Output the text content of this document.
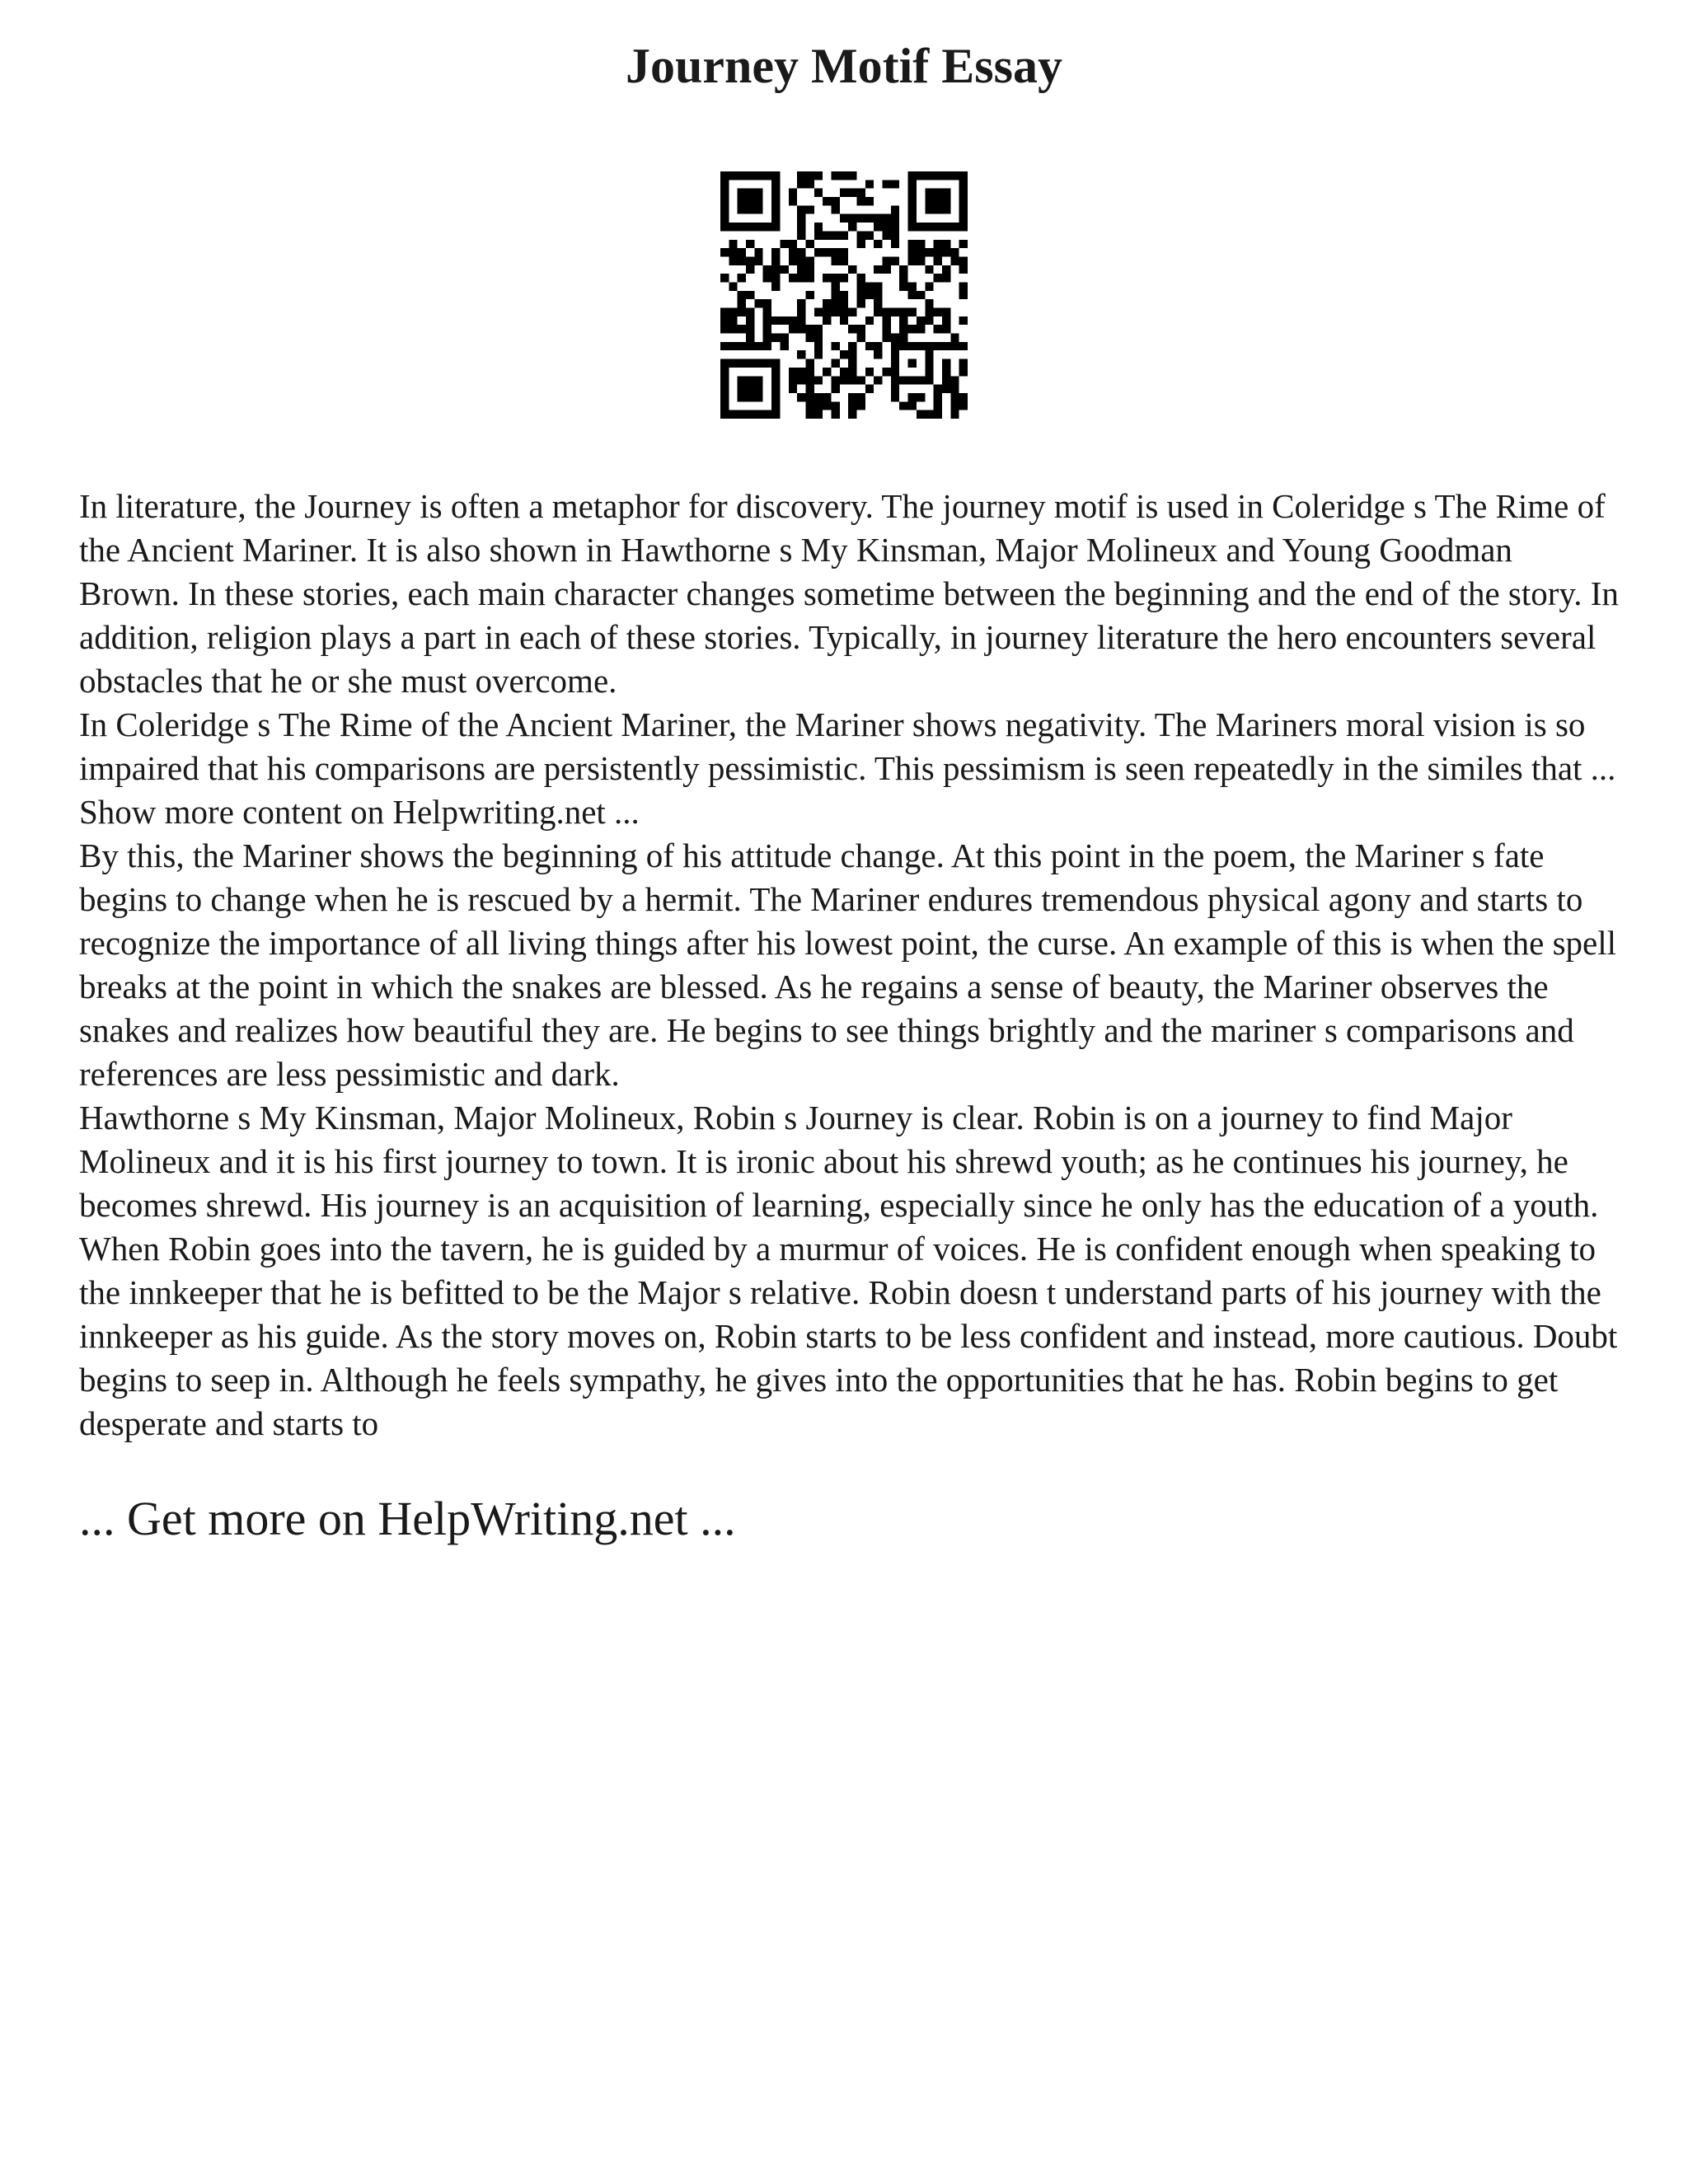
Journey Motif Essay

In literature, the Journey is often a metaphor for discovery. The journey motif is used in Coleridge s The Rime of the Ancient Mariner. It is also shown in Hawthorne s My Kinsman, Major Molineux and Young Goodman Brown. In these stories, each main character changes sometime between the beginning and the end of the story. In addition, religion plays a part in each of these stories. Typically, in journey literature the hero encounters several obstacles that he or she must overcome.

In Coleridge s The Rime of the Ancient Mariner, the Mariner shows negativity. The Mariners moral vision is so impaired that his comparisons are persistently pessimistic. This pessimism is seen repeatedly in the similes that ... Show more content on Helpwriting.net ...

By this, the Mariner shows the beginning of his attitude change. At this point in the poem, the Mariner s fate begins to change when he is rescued by a hermit. The Mariner endures tremendous physical agony and starts to recognize the importance of all living things after his lowest point, the curse. An example of this is when the spell breaks at the point in which the snakes are blessed. As he regains a sense of beauty, the Mariner observes the snakes and realizes how beautiful they are. He begins to see things brightly and the mariner s comparisons and references are less pessimistic and dark.

Hawthorne s My Kinsman, Major Molineux, Robin s Journey is clear. Robin is on a journey to find Major Molineux and it is his first journey to town. It is ironic about his shrewd youth; as he continues his journey, he becomes shrewd. His journey is an acquisition of learning, especially since he only has the education of a youth. When Robin goes into the tavern, he is guided by a murmur of voices. He is confident enough when speaking to the innkeeper that he is befitted to be the Major s relative. Robin doesn t understand parts of his journey with the innkeeper as his guide. As the story moves on, Robin starts to be less confident and instead, more cautious. Doubt begins to seep in. Although he feels sympathy, he gives into the opportunities that he has. Robin begins to get desperate and starts to

... Get more on HelpWriting.net ...
